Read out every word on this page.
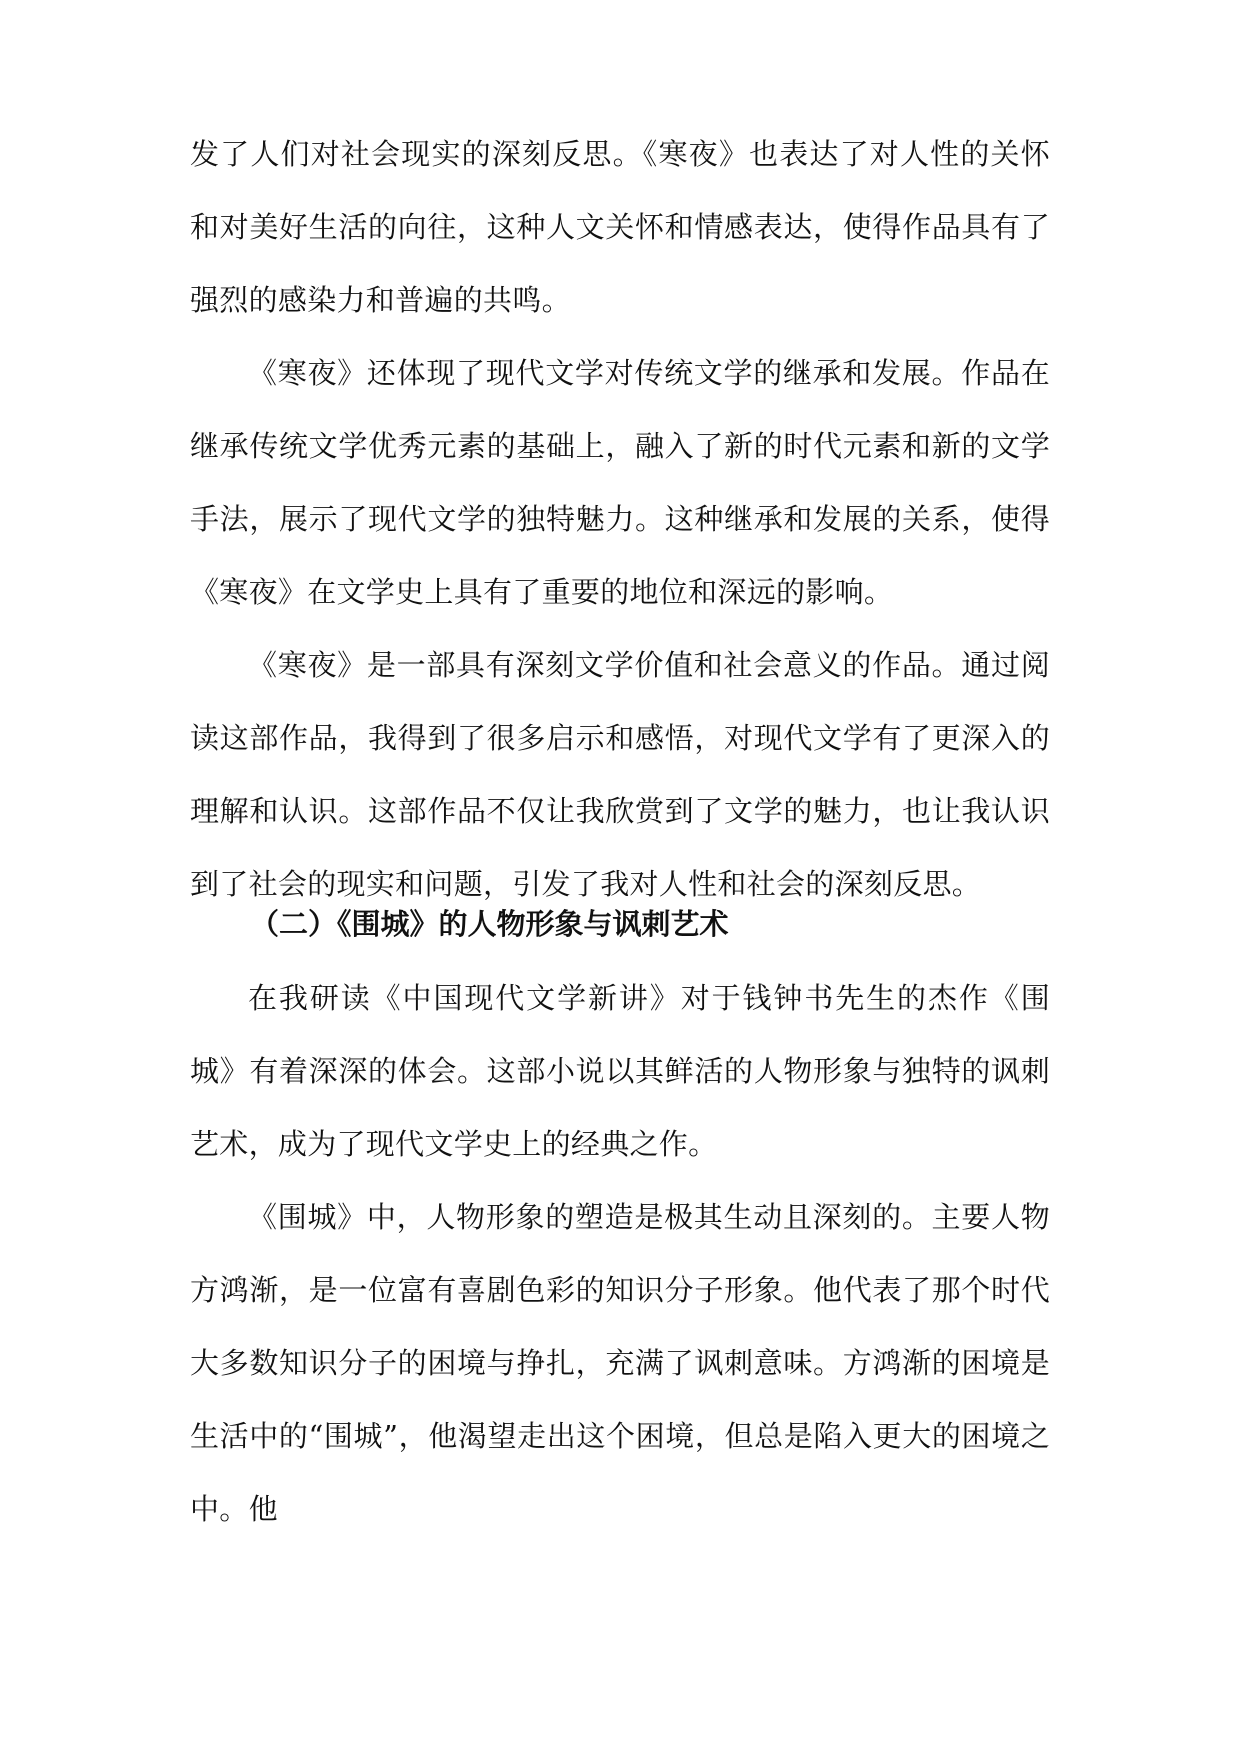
发了人们对社会现实的深刻反思。《寒夜》也表达了对人性的关怀和对美好生活的向往，这种人文关怀和情感表达，使得作品具有了强烈的感染力和普遍的共鸣。

《寒夜》还体现了现代文学对传统文学的继承和发展。作品在继承传统文学优秀元素的基础上，融入了新的时代元素和新的文学手法，展示了现代文学的独特魅力。这种继承和发展的关系，使得《寒夜》在文学史上具有了重要的地位和深远的影响。

《寒夜》是一部具有深刻文学价值和社会意义的作品。通过阅读这部作品，我得到了很多启示和感悟，对现代文学有了更深入的理解和认识。这部作品不仅让我欣赏到了文学的魅力，也让我认识到了社会的现实和问题，引发了我对人性和社会的深刻反思。

（二）《围城》的人物形象与讽刺艺术

在我研读《中国现代文学新讲》对于钱钟书先生的杰作《围城》有着深深的体会。这部小说以其鲜活的人物形象与独特的讽刺艺术，成为了现代文学史上的经典之作。

《围城》中，人物形象的塑造是极其生动且深刻的。主要人物方鸿渐，是一位富有喜剧色彩的知识分子形象。他代表了那个时代大多数知识分子的困境与挣扎，充满了讽刺意味。方鸿渐的困境是生活中的“围城”，他渴望走出这个困境，但总是陷入更大的困境之中。他
